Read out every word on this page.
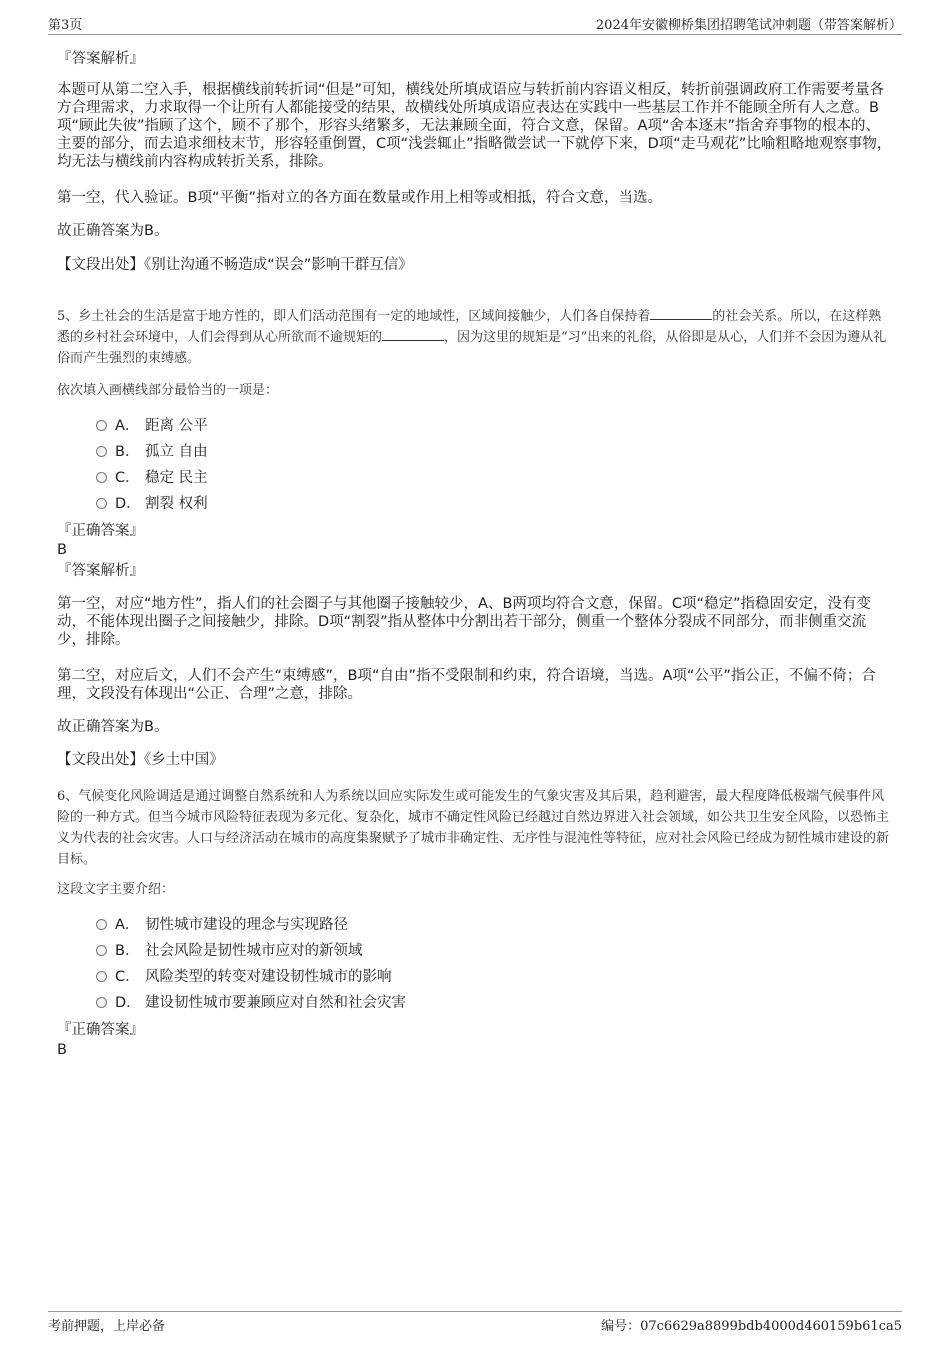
第3页	2024年安徽柳桥集团招聘笔试冲刺题（带答案解析）
『答案解析』
本题可从第二空入手，根据横线前转折词“但是”可知，横线处所填成语应与转折前内容语义相反，转折前强调政府工作需要考量各方合理需求，力求取得一个让所有人都能接受的结果，故横线处所填成语应表达在实践中一些基层工作并不能顾全所有人之意。B项“顾此失彼”指顾了这个，顾不了那个，形容头绪繁多，无法兼顾全面，符合文意，保留。A项“舍本逐末”指舍弃事物的根本的、主要的部分，而去追求细枝末节，形容轻重倒置，C项“浅尝辄止”指略微尝试一下就停下来，D项“走马观花”比喻粗略地观察事物，均无法与横线前内容构成转折关系，排除。
第一空，代入验证。B项“平衡”指对立的各方面在数量或作用上相等或相抵，符合文意，当选。
故正确答案为B。
【文段出处】《别让沟通不畅造成“误会”影响干群互信》
5、乡土社会的生活是富于地方性的，即人们活动范围有一定的地域性，区域间接触少，人们各自保持着	的社会关系。所以，在这样熟悉的乡村社会环境中，人们会得到从心所欲而不逾规矩的	，因为这里的规矩是“习”出来的礼俗，从俗即是从心，人们并不会因为遵从礼俗而产生强烈的束缚感。
依次填入画横线部分最恰当的一项是：
A． 距离 公平
B． 孤立 自由
C． 稳定 民主
D． 割裂 权利
『正确答案』
B
『答案解析』
第一空，对应“地方性”，指人们的社会圈子与其他圈子接触较少，A、B两项均符合文意，保留。C项“稳定”指稳固安定，没有变动，不能体现出圈子之间接触少，排除。D项“割裂”指从整体中分割出若干部分，侧重一个整体分裂成不同部分，而非侧重交流少，排除。
第二空，对应后文，人们不会产生“束缚感”，B项“自由”指不受限制和约束，符合语境，当选。A项“公平”指公正，不偏不倚；合理，文段没有体现出“公正、合理”之意，排除。
故正确答案为B。
【文段出处】《乡土中国》
6、气候变化风险调适是通过调整自然系统和人为系统以回应实际发生或可能发生的气象灾害及其后果，趋利避害，最大程度降低极端气候事件风险的一种方式。但当今城市风险特征表现为多元化、复杂化，城市不确定性风险已经越过自然边界进入社会领域，如公共卫生安全风险，以恐怖主义为代表的社会灾害。人口与经济活动在城市的高度集聚赋予了城市非确定性、无序性与混沌性等特征，应对社会风险已经成为韧性城市建设的新目标。
这段文字主要介绍：
A． 韧性城市建设的理念与实现路径
B． 社会风险是韧性城市应对的新领域
C． 风险类型的转变对建设韧性城市的影响
D． 建设韧性城市要兼顾应对自然和社会灾害
『正确答案』
B
考前押题，上岸必备	编号：07c6629a8899bdb4000d460159b61ca5
